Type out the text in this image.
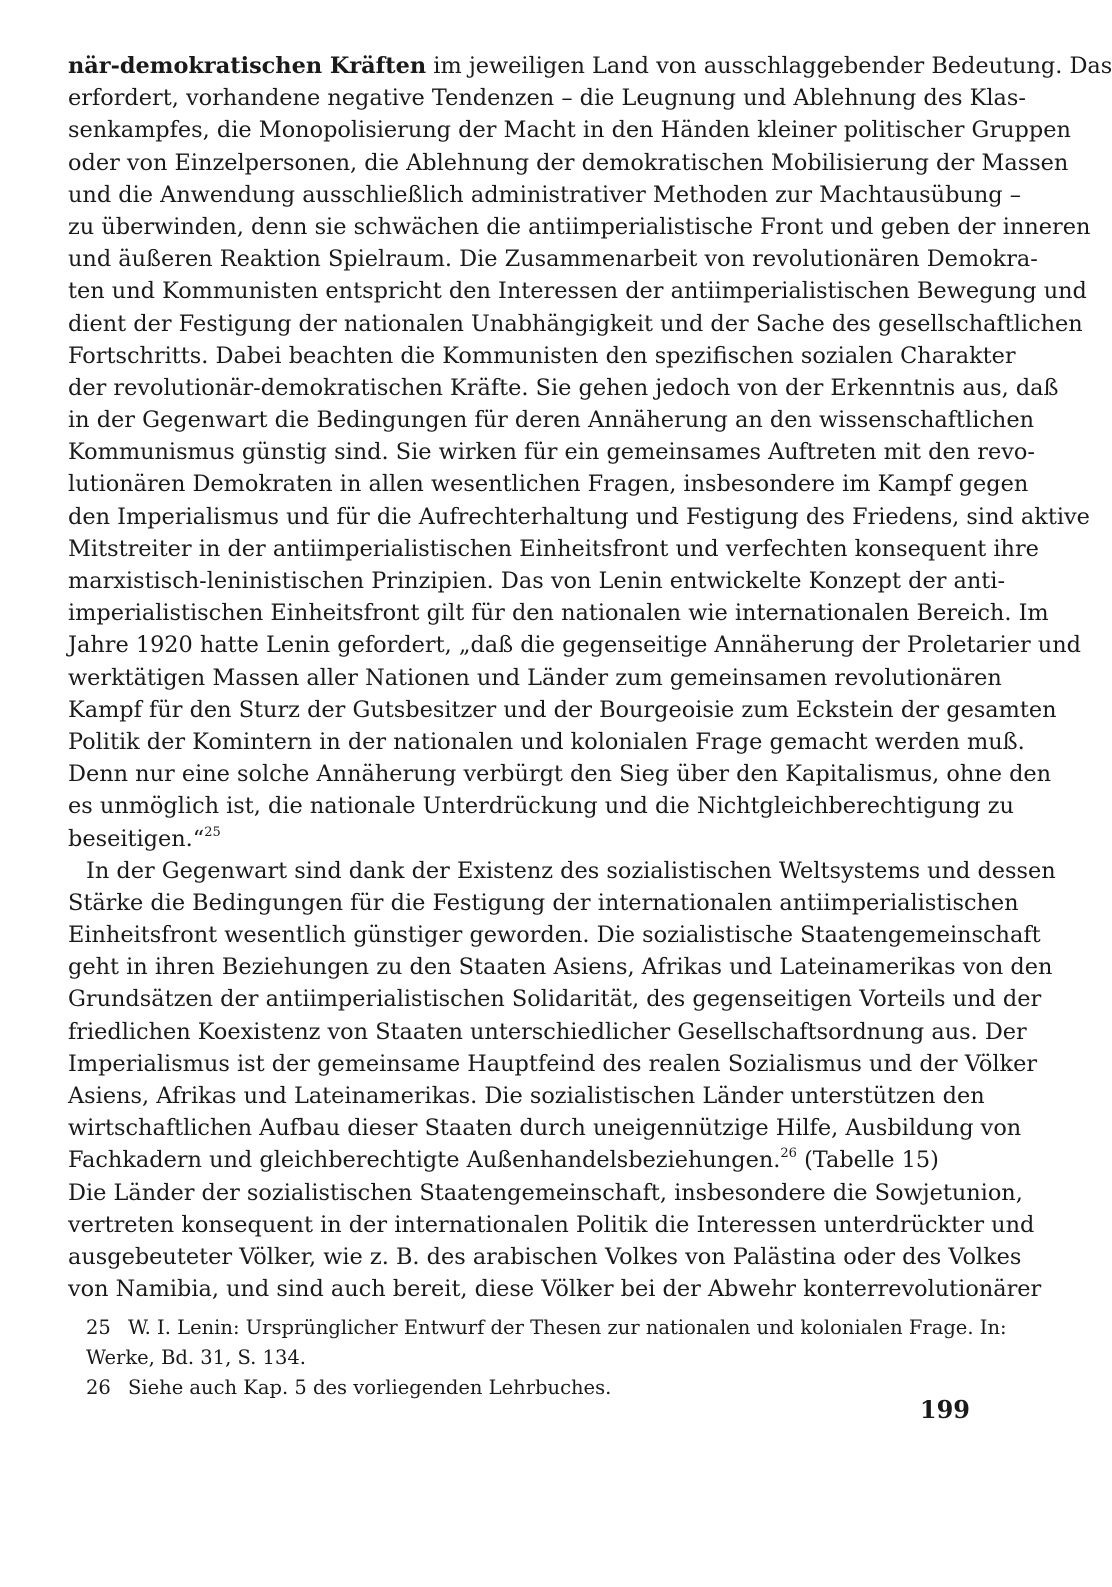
när-demokratischen Kräften im jeweiligen Land von ausschlaggebender Bedeutung. Das
erfordert, vorhandene negative Tendenzen – die Leugnung und Ablehnung des Klas-
senkampfes, die Monopolisierung der Macht in den Händen kleiner politischer Gruppen
oder von Einzelpersonen, die Ablehnung der demokratischen Mobilisierung der Massen
und die Anwendung ausschließlich administrativer Methoden zur Machtausübung –
zu überwinden, denn sie schwächen die antiimperialistische Front und geben der inneren
und äußeren Reaktion Spielraum. Die Zusammenarbeit von revolutionären Demokra-
ten und Kommunisten entspricht den Interessen der antiimperialistischen Bewegung und
dient der Festigung der nationalen Unabhängigkeit und der Sache des gesellschaftlichen
Fortschritts. Dabei beachten die Kommunisten den spezifischen sozialen Charakter
der revolutionär-demokratischen Kräfte. Sie gehen jedoch von der Erkenntnis aus, daß
in der Gegenwart die Bedingungen für deren Annäherung an den wissenschaftlichen
Kommunismus günstig sind. Sie wirken für ein gemeinsames Auftreten mit den revo-
lutionären Demokraten in allen wesentlichen Fragen, insbesondere im Kampf gegen
den Imperialismus und für die Aufrechterhaltung und Festigung des Friedens, sind aktive
Mitstreiter in der antiimperialistischen Einheitsfront und verfechten konsequent ihre
marxistisch-leninistischen Prinzipien. Das von Lenin entwickelte Konzept der anti-
imperialistischen Einheitsfront gilt für den nationalen wie internationalen Bereich. Im
Jahre 1920 hatte Lenin gefordert, „daß die gegenseitige Annäherung der Proletarier und
werktätigen Massen aller Nationen und Länder zum gemeinsamen revolutionären
Kampf für den Sturz der Gutsbesitzer und der Bourgeoisie zum Eckstein der gesamten
Politik der Komintern in der nationalen und kolonialen Frage gemacht werden muß.
Denn nur eine solche Annäherung verbürgt den Sieg über den Kapitalismus, ohne den
es unmöglich ist, die nationale Unterdrückung und die Nichtgleichberechtigung zu
beseitigen.“$^{25}$
In der Gegenwart sind dank der Existenz des sozialistischen Weltsystems und dessen
Stärke die Bedingungen für die Festigung der internationalen antiimperialistischen
Einheitsfront wesentlich günstiger geworden. Die sozialistische Staatengemeinschaft
geht in ihren Beziehungen zu den Staaten Asiens, Afrikas und Lateinamerikas von den
Grundsätzen der antiimperialistischen Solidarität, des gegenseitigen Vorteils und der
friedlichen Koexistenz von Staaten unterschiedlicher Gesellschaftsordnung aus. Der
Imperialismus ist der gemeinsame Hauptfeind des realen Sozialismus und der Völker
Asiens, Afrikas und Lateinamerikas. Die sozialistischen Länder unterstützen den
wirtschaftlichen Aufbau dieser Staaten durch uneigennützige Hilfe, Ausbildung von
Fachkadern und gleichberechtigte Außenhandelsbeziehungen.$^{26}$ (Tabelle 15)
Die Länder der sozialistischen Staatengemeinschaft, insbesondere die Sowjetunion,
vertreten konsequent in der internationalen Politik die Interessen unterdrückter und
ausgebeuteter Völker, wie z. B. des arabischen Volkes von Palästina oder des Volkes
von Namibia, und sind auch bereit, diese Völker bei der Abwehr konterrevolutionärer
25 W. I. Lenin: Ursprünglicher Entwurf der Thesen zur nationalen und kolonialen Frage. In:
Werke, Bd. 31, S. 134.
26 Siehe auch Kap. 5 des vorliegenden Lehrbuches.
199
